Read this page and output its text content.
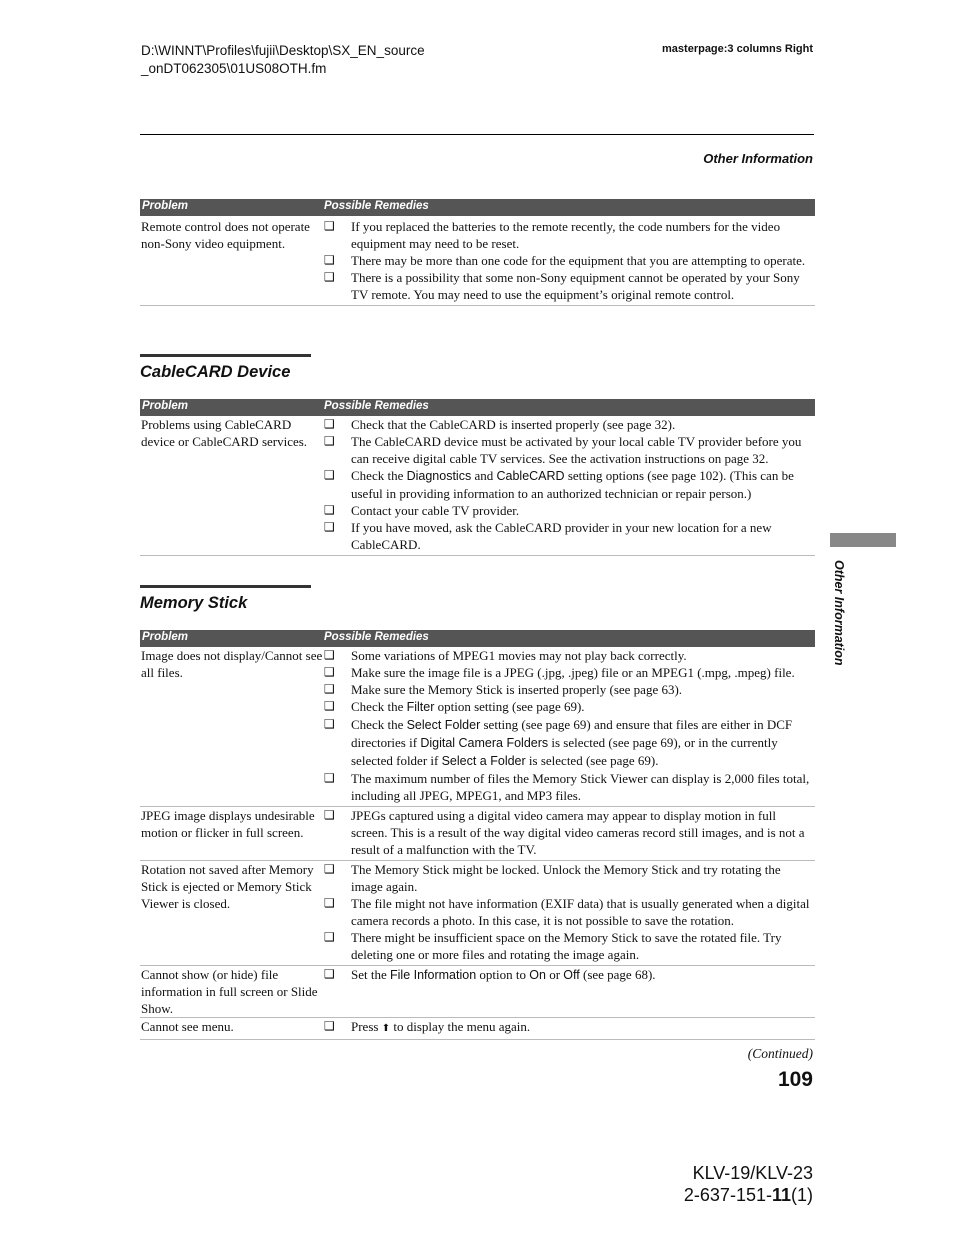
D:\WINNT\Profiles\fujii\Desktop\SX_EN_source
_onDT062305\01US08OTH.fm
masterpage:3 columns Right
Other Information
Problem	Possible Remedies
Remote control does not operate non-Sony video equipment.
❑	If you replaced the batteries to the remote recently, the code numbers for the video equipment may need to be reset.
❑	There may be more than one code for the equipment that you are attempting to operate.
❑	There is a possibility that some non-Sony equipment cannot be operated by your Sony TV remote. You may need to use the equipment’s original remote control.
CableCARD Device
Problem	Possible Remedies
Problems using CableCARD device or CableCARD services.
❑	Check that the CableCARD is inserted properly (see page 32).
❑	The CableCARD device must be activated by your local cable TV provider before you can receive digital cable TV services. See the activation instructions on page 32.
❑	Check the Diagnostics and CableCARD setting options (see page 102). (This can be useful in providing information to an authorized technician or repair person.)
❑	Contact your cable TV provider.
❑	If you have moved, ask the CableCARD provider in your new location for a new CableCARD.
Memory Stick
Problem	Possible Remedies
Image does not display/Cannot see all files.
❑	Some variations of MPEG1 movies may not play back correctly.
❑	Make sure the image file is a JPEG (.jpg, .jpeg) file or an MPEG1 (.mpg, .mpeg) file.
❑	Make sure the Memory Stick is inserted properly (see page 63).
❑	Check the Filter option setting (see page 69).
❑	Check the Select Folder setting (see page 69) and ensure that files are either in DCF directories if Digital Camera Folders is selected (see page 69), or in the currently selected folder if Select a Folder is selected (see page 69).
❑	The maximum number of files the Memory Stick Viewer can display is 2,000 files total, including all JPEG, MPEG1, and MP3 files.
JPEG image displays undesirable motion or flicker in full screen.
❑	JPEGs captured using a digital video camera may appear to display motion in full screen. This is a result of the way digital video cameras record still images, and is not a result of a malfunction with the TV.
Rotation not saved after Memory Stick is ejected or Memory Stick Viewer is closed.
❑	The Memory Stick might be locked. Unlock the Memory Stick and try rotating the image again.
❑	The file might not have information (EXIF data) that is usually generated when a digital camera records a photo. In this case, it is not possible to save the rotation.
❑	There might be insufficient space on the Memory Stick to save the rotated file. Try deleting one or more files and rotating the image again.
Cannot show (or hide) file information in full screen or Slide Show.
❑	Set the File Information option to On or Off (see page 68).
Cannot see menu.	❑	Press ⬆ to display the menu again.
Other Information
(Continued)
109
KLV-19/KLV-23
2-637-151-11(1)
